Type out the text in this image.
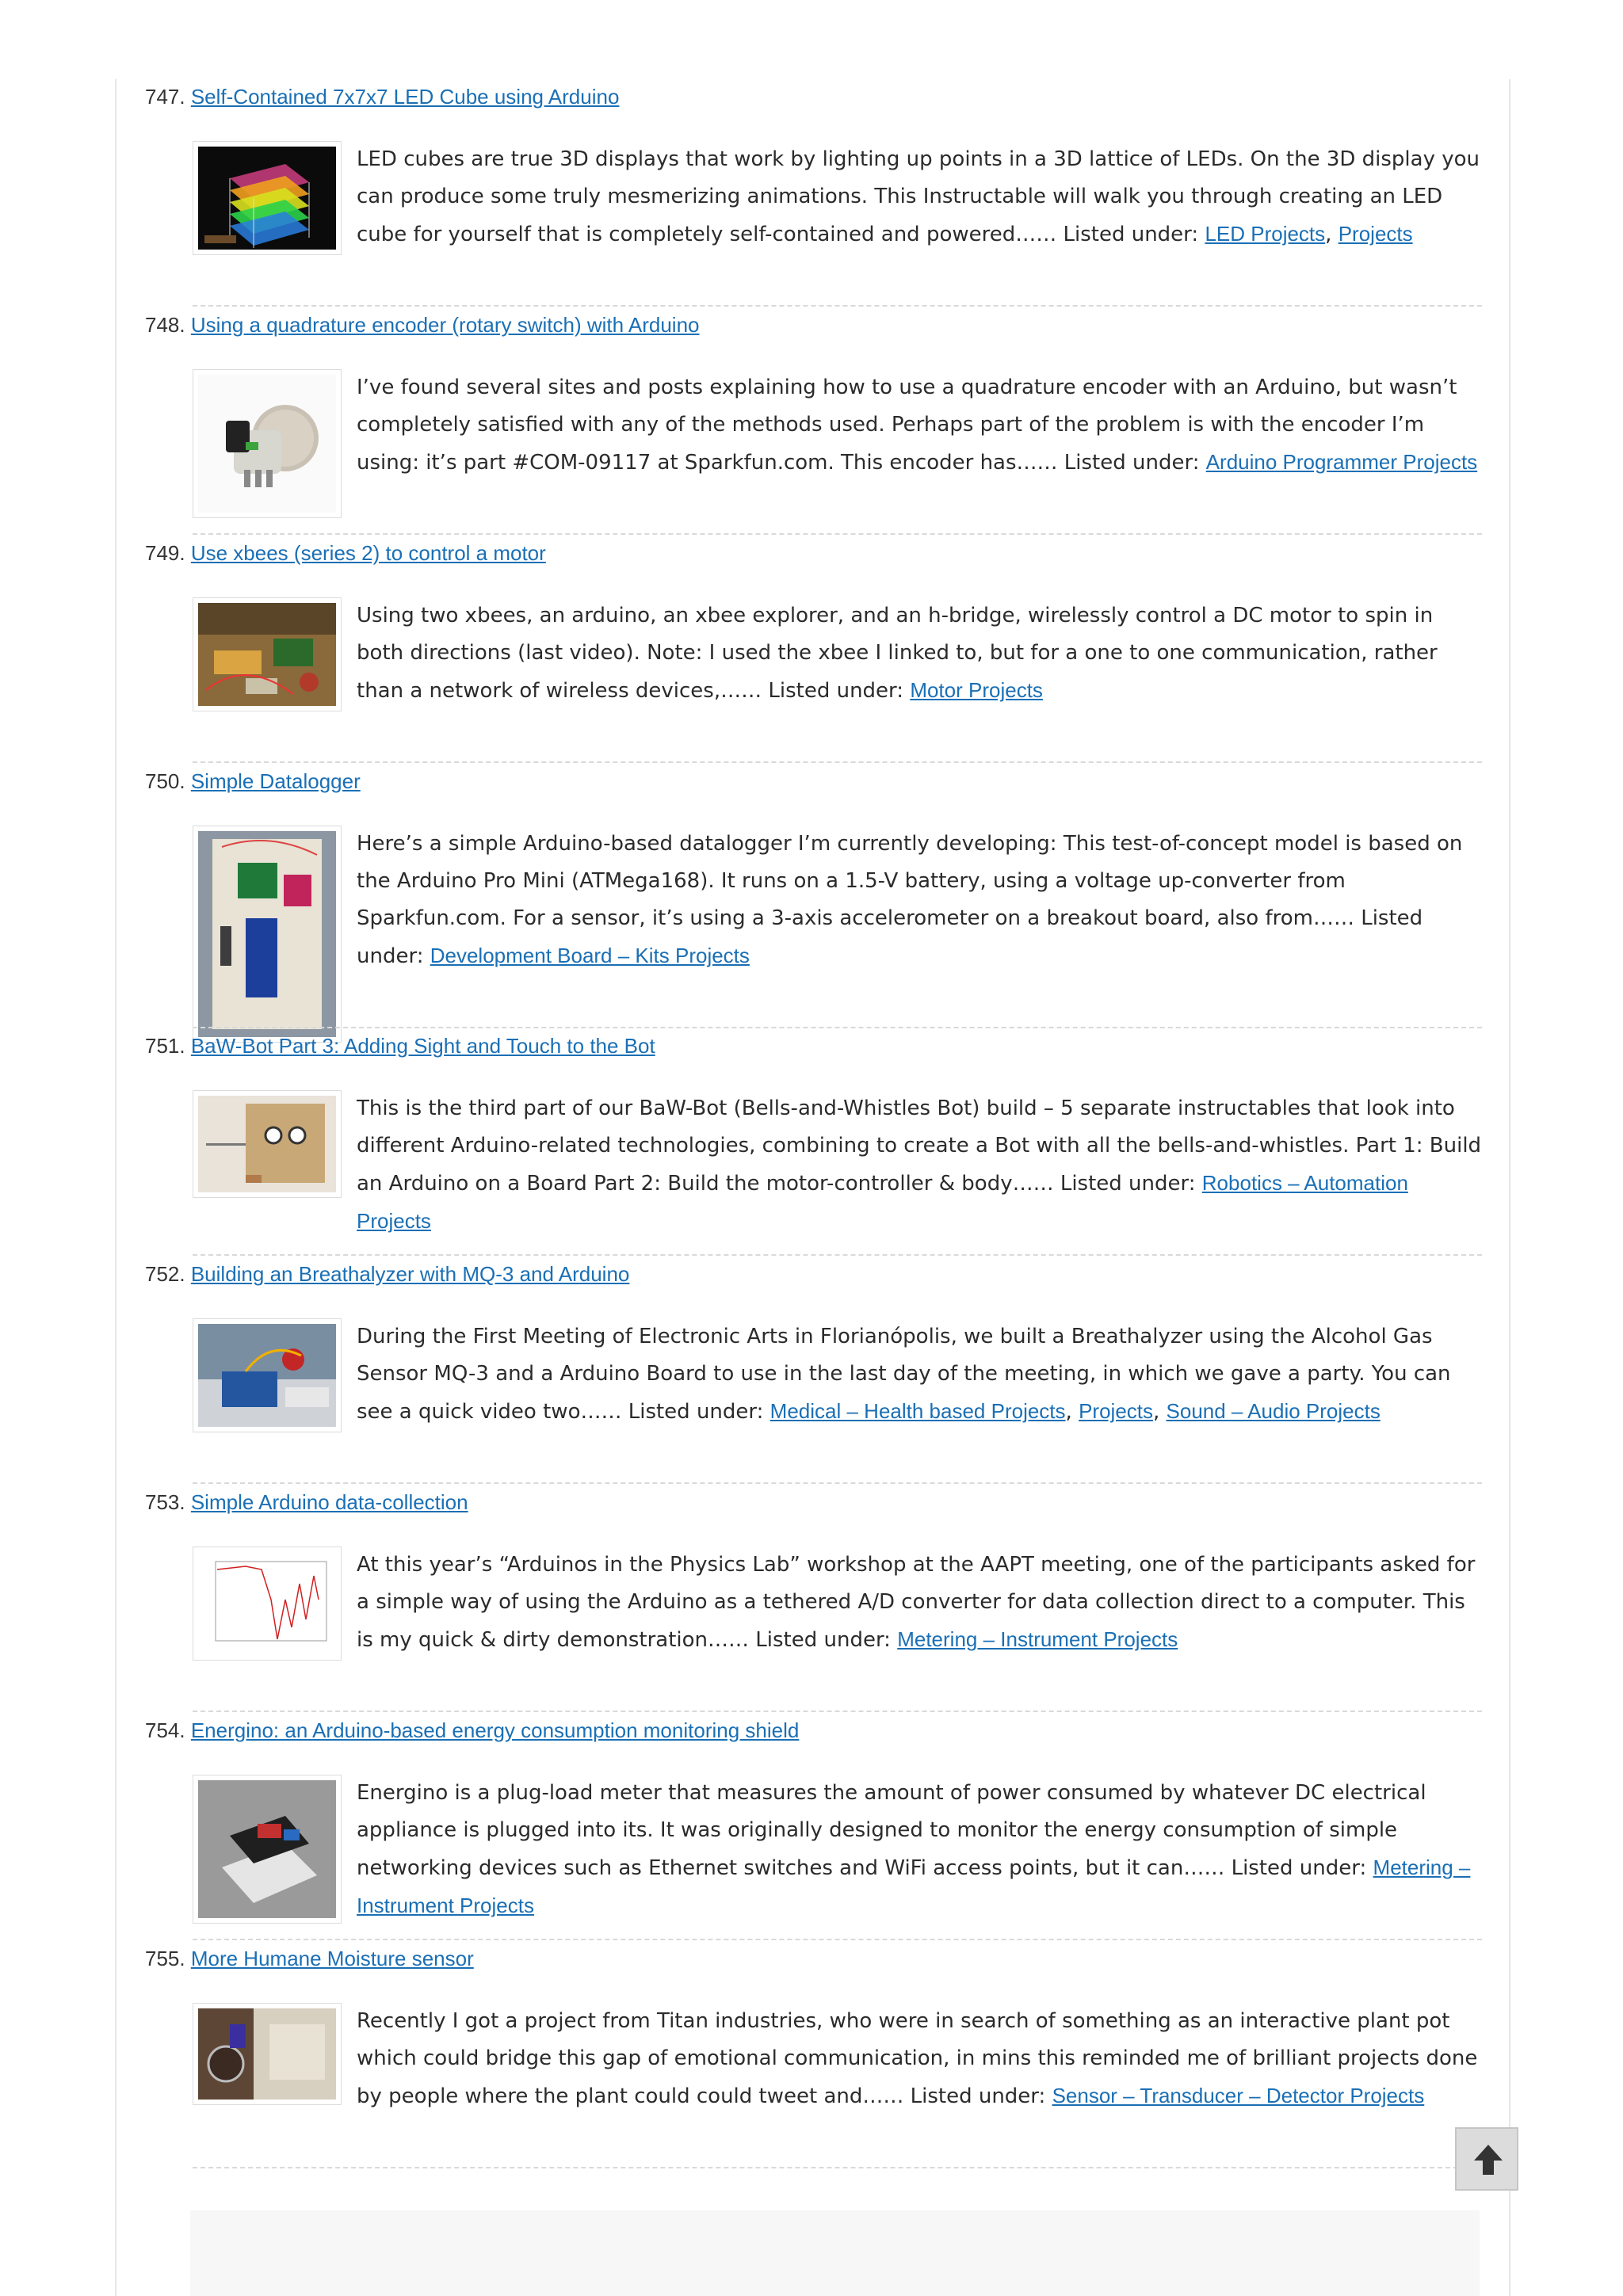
747. Self-Contained 7x7x7 LED Cube using Arduino
LED cubes are true 3D displays that work by lighting up points in a 3D lattice of LEDs. On the 3D display you can produce some truly mesmerizing animations. This Instructable will walk you through creating an LED cube for yourself that is completely self-contained and powered…… Listed under: LED Projects, Projects
748. Using a quadrature encoder (rotary switch) with Arduino
I’ve found several sites and posts explaining how to use a quadrature encoder with an Arduino, but wasn’t completely satisfied with any of the methods used. Perhaps part of the problem is with the encoder I’m using: it’s part #COM-09117 at Sparkfun.com. This encoder has…… Listed under: Arduino Programmer Projects
749. Use xbees (series 2) to control a motor
Using two xbees, an arduino, an xbee explorer, and an h-bridge, wirelessly control a DC motor to spin in both directions (last video). Note: I used the xbee I linked to, but for a one to one communication, rather than a network of wireless devices,…… Listed under: Motor Projects
750. Simple Datalogger
Here’s a simple Arduino-based datalogger I’m currently developing: This test-of-concept model is based on the Arduino Pro Mini (ATMega168). It runs on a 1.5-V battery, using a voltage up-converter from Sparkfun.com. For a sensor, it’s using a 3-axis accelerometer on a breakout board, also from…… Listed under: Development Board – Kits Projects
751. BaW-Bot Part 3: Adding Sight and Touch to the Bot
This is the third part of our BaW-Bot (Bells-and-Whistles Bot) build – 5 separate instructables that look into different Arduino-related technologies, combining to create a Bot with all the bells-and-whistles. Part 1: Build an Arduino on a Board Part 2: Build the motor-controller & body…… Listed under: Robotics – Automation Projects
752. Building an Breathalyzer with MQ-3 and Arduino
During the First Meeting of Electronic Arts in Florianópolis, we built a Breathalyzer using the Alcohol Gas Sensor MQ-3 and a Arduino Board to use in the last day of the meeting, in which we gave a party. You can see a quick video two…… Listed under: Medical – Health based Projects, Projects, Sound – Audio Projects
753. Simple Arduino data-collection
At this year’s “Arduinos in the Physics Lab” workshop at the AAPT meeting, one of the participants asked for a simple way of using the Arduino as a tethered A/D converter for data collection direct to a computer. This is my quick & dirty demonstration…… Listed under: Metering – Instrument Projects
754. Energino: an Arduino-based energy consumption monitoring shield
Energino is a plug-load meter that measures the amount of power consumed by whatever DC electrical appliance is plugged into its. It was originally designed to monitor the energy consumption of simple networking devices such as Ethernet switches and WiFi access points, but it can…… Listed under: Metering – Instrument Projects
755. More Humane Moisture sensor
Recently I got a project from Titan industries, who were in search of something as an interactive plant pot which could bridge this gap of emotional communication, in mins this reminded me of brilliant projects done by people where the plant could could tweet and…… Listed under: Sensor – Transducer – Detector Projects
